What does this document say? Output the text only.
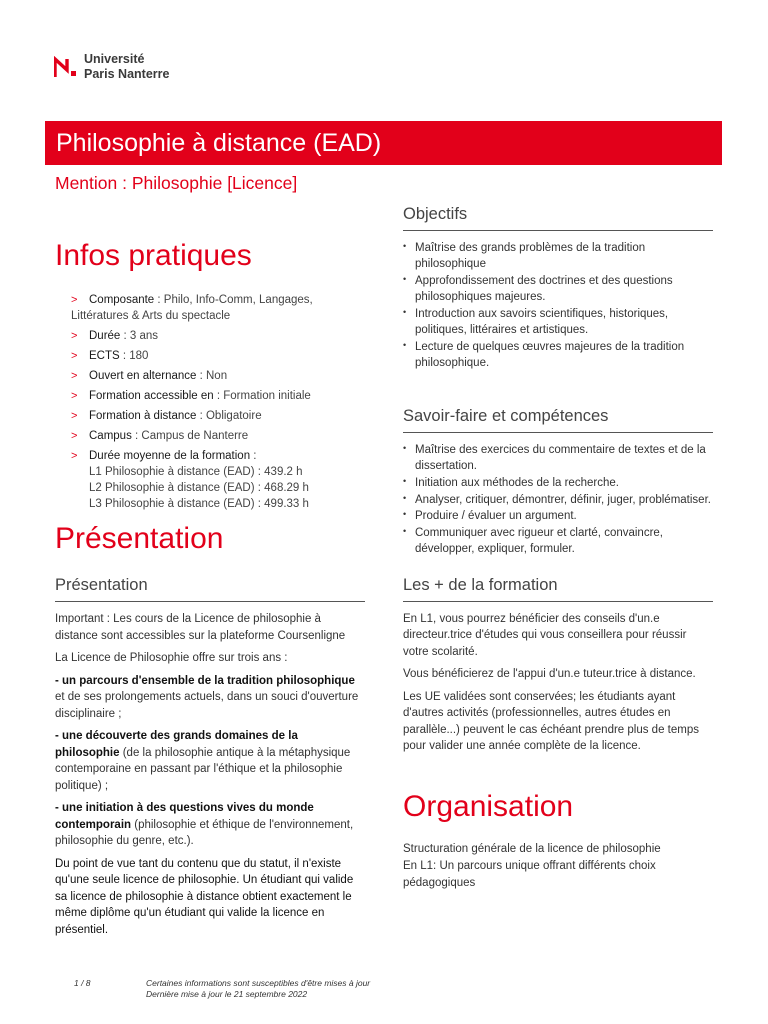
Université
Paris Nanterre
Philosophie à distance (EAD)
Mention : Philosophie [Licence]
Infos pratiques
> Composante : Philo, Info-Comm, Langages, Littératures & Arts du spectacle
> Durée : 3 ans
> ECTS : 180
> Ouvert en alternance : Non
> Formation accessible en : Formation initiale
> Formation à distance : Obligatoire
> Campus : Campus de Nanterre
> Durée moyenne de la formation :
L1 Philosophie à distance (EAD) : 439.2 h
L2 Philosophie à distance (EAD) : 468.29 h
L3 Philosophie à distance (EAD) : 499.33 h
Présentation
Présentation

Important : Les cours de la Licence de philosophie à distance sont accessibles sur la plateforme Coursenligne

La Licence de Philosophie offre sur trois ans :

- un parcours d'ensemble de la tradition philosophique et de ses prolongements actuels, dans un souci d'ouverture disciplinaire ;

- une découverte des grands domaines de la philosophie (de la philosophie antique à la métaphysique contemporaine en passant par l'éthique et la philosophie politique) ;

- une initiation à des questions vives du monde contemporain (philosophie et éthique de l'environnement, philosophie du genre, etc.).

Du point de vue tant du contenu que du statut, il n'existe qu'une seule licence de philosophie. Un étudiant qui valide sa licence de philosophie à distance obtient exactement le même diplôme qu'un étudiant qui valide la licence en présentiel.

Objectifs
• Maîtrise des grands problèmes de la tradition philosophique
• Approfondissement des doctrines et des questions philosophiques majeures.
• Introduction aux savoirs scientifiques, historiques, politiques, littéraires et artistiques.
• Lecture de quelques œuvres majeures de la tradition philosophique.
Savoir-faire et compétences
• Maîtrise des exercices du commentaire de textes et de la dissertation.
• Initiation aux méthodes de la recherche.
• Analyser, critiquer, démontrer, définir, juger, problématiser.
• Produire / évaluer un argument.
• Communiquer avec rigueur et clarté, convaincre, développer, expliquer, formuler.
Les + de la formation

En L1, vous pourrez bénéficier des conseils d'un.e directeur.trice d'études qui vous conseillera pour réussir votre scolarité.

Vous bénéficierez de l'appui d'un.e tuteur.trice à distance.

Les UE validées sont conservées; les étudiants ayant d'autres activités (professionnelles, autres études en parallèle...) peuvent le cas échéant prendre plus de temps pour valider une année complète de la licence.

Organisation

Structuration générale de la licence de philosophie

En L1: Un parcours unique offrant différents choix pédagogiques

1 / 8	Certaines informations sont susceptibles d'être mises à jour
Dernière mise à jour le 21 septembre 2022
